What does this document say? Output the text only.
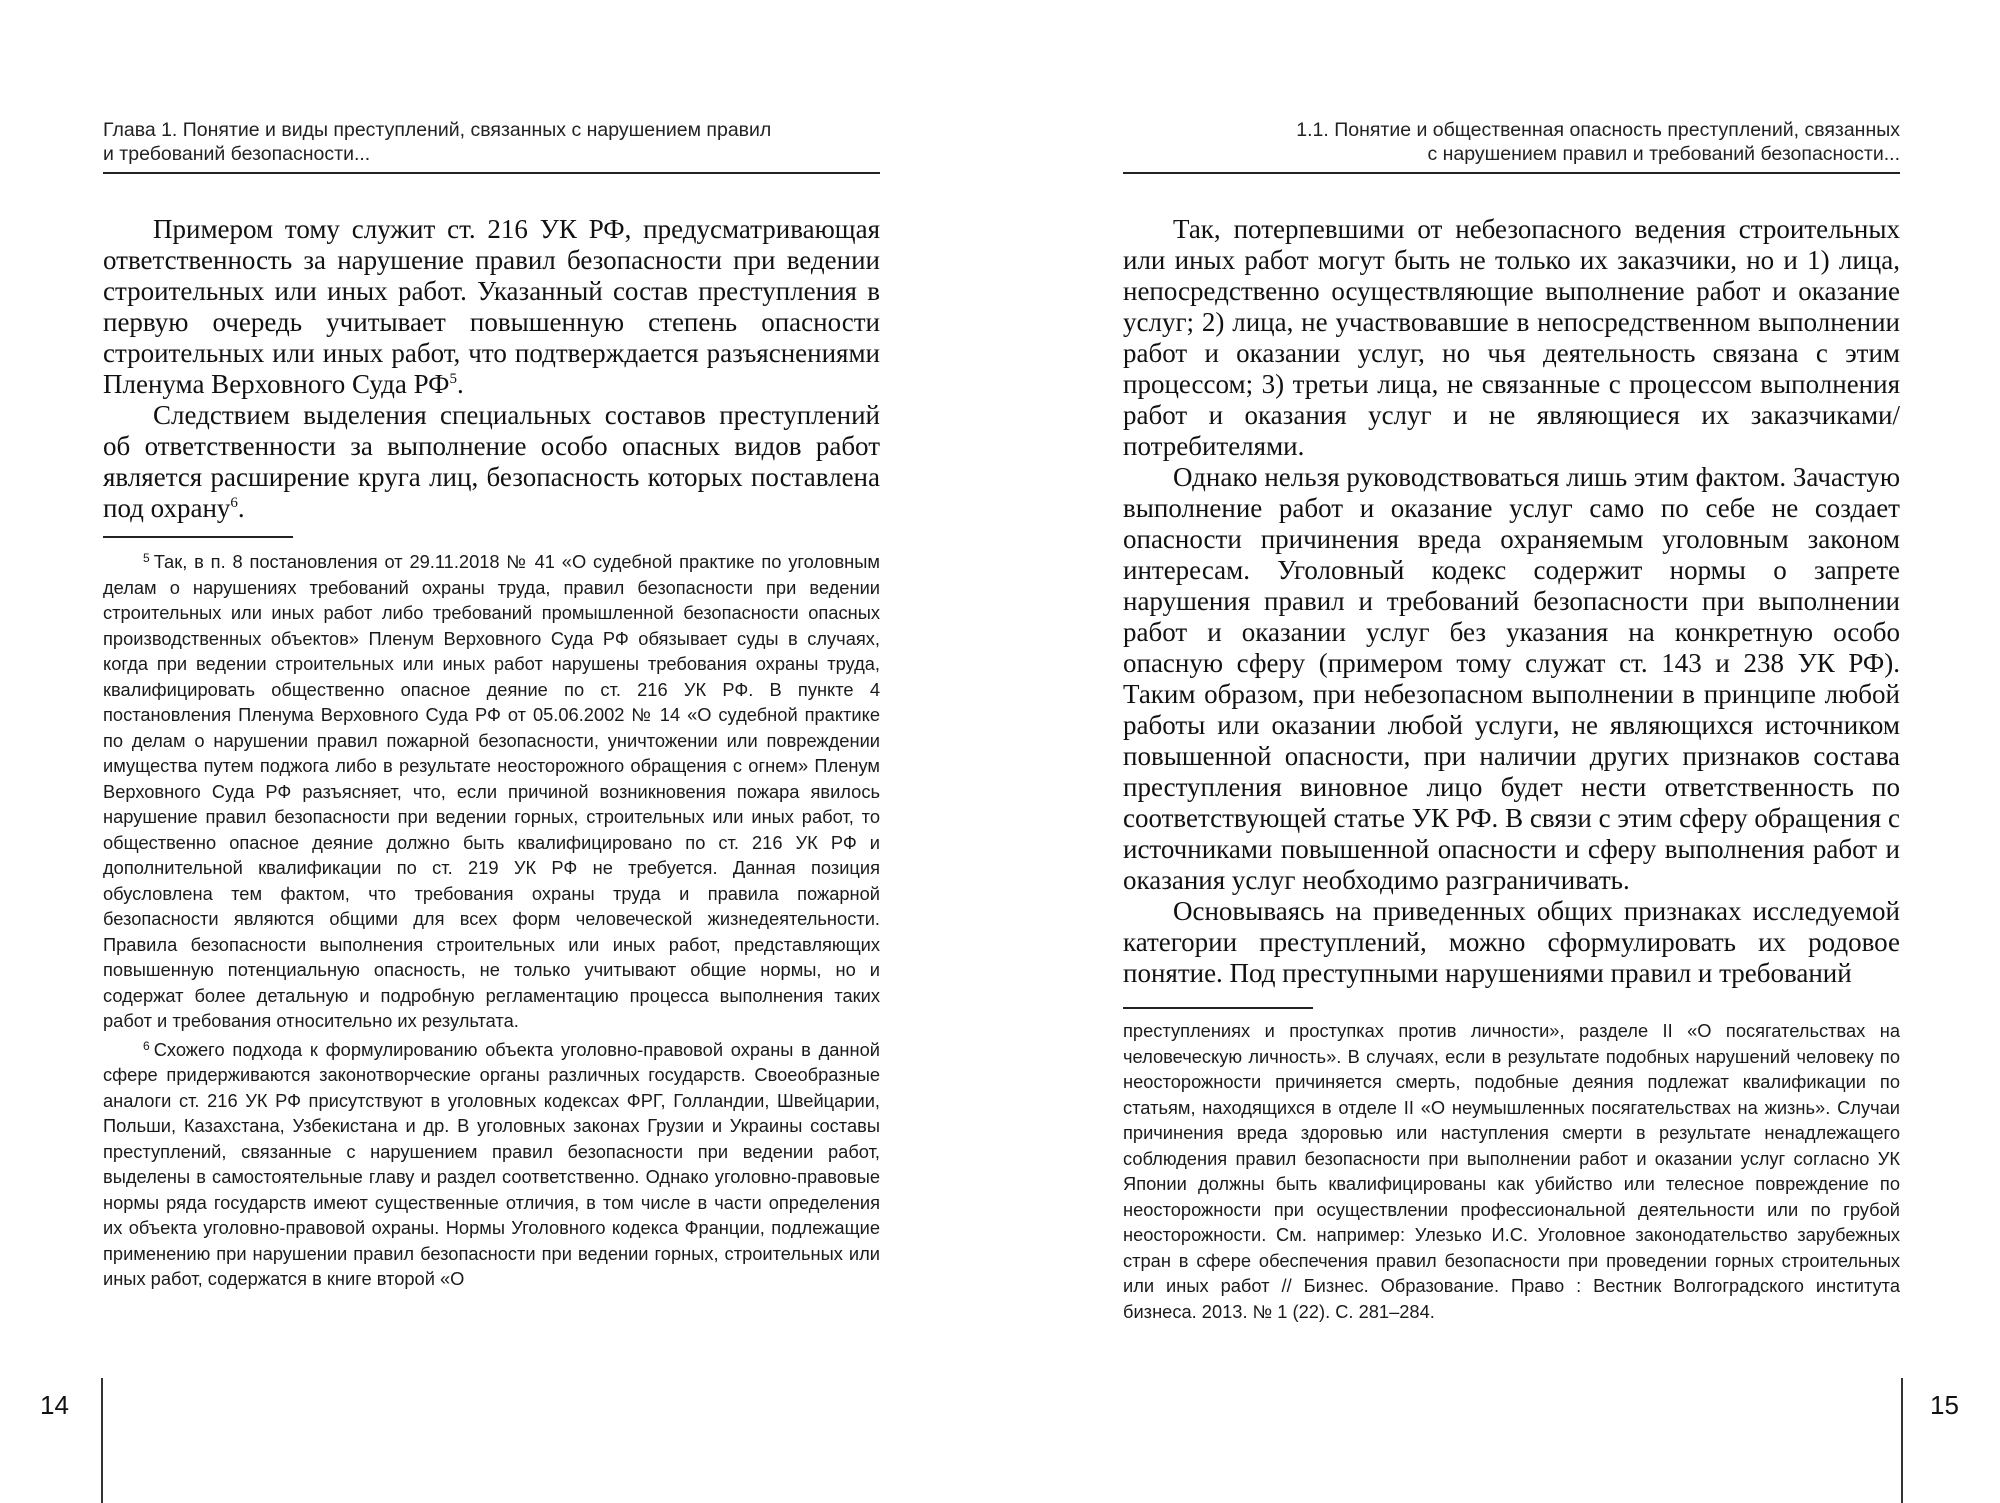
Глава 1. Понятие и виды преступлений, связанных с нарушением правил
и требований безопасности...

Примером тому служит ст. 216 УК РФ, предусматривающая ответственность за нарушение правил безопасности при ведении строительных или иных работ. Указанный состав преступления в первую очередь учитывает повышенную степень опасности строительных или иных работ, что подтверждается разъяснениями Пленума Верховного Суда $РФ^5$.

Следствием выделения специальных составов преступлений об ответственности за выполнение особо опасных видов работ является расширение круга лиц, безопасность которых поставлена под охрану$^6$.

$^5$ Так, в п. 8 постановления от 29.11.2018 № 41 «О судебной практике по уголовным делам о нарушениях требований охраны труда, правил безопасности при ведении строительных или иных работ либо требований промышленной безопасности опасных производственных объектов» Пленум Верховного Суда РФ обязывает суды в случаях, когда при ведении строительных или иных работ нарушены требования охраны труда, квалифицировать общественно опасное деяние по ст. 216 УК РФ. В пункте 4 постановления Пленума Верховного Суда РФ от 05.06.2002 № 14 «О судебной практике по делам о нарушении правил пожарной безопасности, уничтожении или повреждении имущества путем поджога либо в результате неосторожного обращения с огнем» Пленум Верховного Суда РФ разъясняет, что, если причиной возникновения пожара явилось нарушение правил безопасности при ведении горных, строительных или иных работ, то общественно опасное деяние должно быть квалифицировано по ст. 216 УК РФ и дополнительной квалификации по ст. 219 УК РФ не требуется. Данная позиция обусловлена тем фактом, что требования охраны труда и правила пожарной безопасности являются общими для всех форм человеческой жизнедеятельности. Правила безопасности выполнения строительных или иных работ, представляющих повышенную потенциальную опасность, не только учитывают общие нормы, но и содержат более детальную и подробную регламентацию процесса выполнения таких работ и требования относительно их результата.

$^6$ Схожего подхода к формулированию объекта уголовно-правовой охраны в данной сфере придерживаются законотворческие органы различных государств. Своеобразные аналоги ст. 216 УК РФ присутствуют в уголовных кодексах ФРГ, Голландии, Швейцарии, Польши, Казахстана, Узбекистана и др. В уголовных законах Грузии и Украины составы преступлений, связанные с нарушением правил безопасности при ведении работ, выделены в самостоятельные главу и раздел соответственно. Однако уголовно-правовые нормы ряда государств имеют существенные отличия, в том числе в части определения их объекта уголовно-правовой охраны. Нормы Уголовного кодекса Франции, подлежащие применению при нарушении правил безопасности при ведении горных, строительных или иных работ, содержатся в книге второй «О

14
1.1. Понятие и общественная опасность преступлений, связанных
с нарушением правил и требований безопасности...

Так, потерпевшими от небезопасного ведения строительных или иных работ могут быть не только их заказчики, но и 1) лица, непосредственно осуществляющие выполнение работ и оказание услуг; 2) лица, не участвовавшие в непосредственном выполнении работ и оказании услуг, но чья деятельность связана с этим процессом; 3) третьи лица, не связанные с процессом выполнения работ и оказания услуг и не являющиеся их заказчиками/потребителями.

Однако нельзя руководствоваться лишь этим фактом. Зачастую выполнение работ и оказание услуг само по себе не создает опасности причинения вреда охраняемым уголовным законом интересам. Уголовный кодекс содержит нормы о запрете нарушения правил и требований безопасности при выполнении работ и оказании услуг без указания на конкретную особо опасную сферу (примером тому служат ст. 143 и 238 УК РФ). Таким образом, при небезопасном выполнении в принципе любой работы или оказании любой услуги, не являющихся источником повышенной опасности, при наличии других признаков состава преступления виновное лицо будет нести ответственность по соответствующей статье УК РФ. В связи с этим сферу обращения с источниками повышенной опасности и сферу выполнения работ и оказания услуг необходимо разграничивать.

Основываясь на приведенных общих признаках исследуемой категории преступлений, можно сформулировать их родовое понятие. Под преступными нарушениями правил и требований

преступлениях и проступках против личности», разделе II «О посягательствах на человеческую личность». В случаях, если в результате подобных нарушений человеку по неосторожности причиняется смерть, подобные деяния подлежат квалификации по статьям, находящихся в отделе II «О неумышленных посягательствах на жизнь». Случаи причинения вреда здоровью или наступления смерти в результате ненадлежащего соблюдения правил безопасности при выполнении работ и оказании услуг согласно УК Японии должны быть квалифицированы как убийство или телесное повреждение по неосторожности при осуществлении профессиональной деятельности или по грубой неосторожности. См. например: Улезько И.С. Уголовное законодательство зарубежных стран в сфере обеспечения правил безопасности при проведении горных строительных или иных работ // Бизнес. Образование. Право : Вестник Волгоградского института бизнеса. 2013. № 1 (22). С. 281–284.

15
